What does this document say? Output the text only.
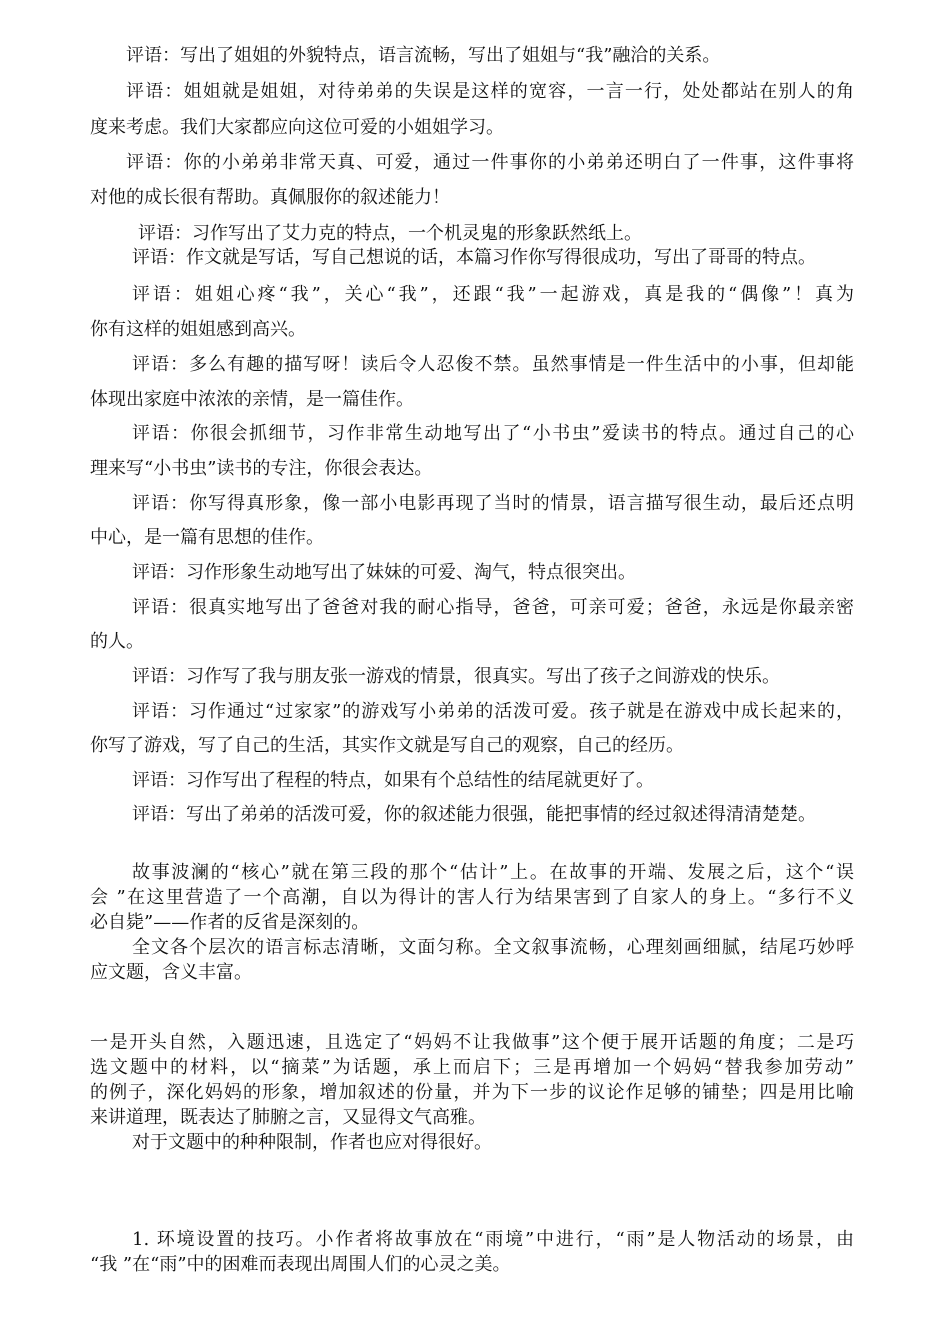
评语：写出了姐姐的外貌特点，语言流畅，写出了姐姐与“我”融洽的关系。
评语：姐姐就是姐姐，对待弟弟的失误是这样的宽容，一言一行，处处都站在别人的角
度来考虑。我们大家都应向这位可爱的小姐姐学习。
评语：你的小弟弟非常天真、可爱，通过一件事你的小弟弟还明白了一件事，这件事将
对他的成长很有帮助。真佩服你的叙述能力！
评语：习作写出了艾力克的特点，一个机灵鬼的形象跃然纸上。
评语：作文就是写话，写自己想说的话，本篇习作你写得很成功，写出了哥哥的特点。
评语：姐姐心疼“我”，关心“我”，还跟“我”一起游戏，真是我的“偶像”！真为
你有这样的姐姐感到高兴。
评语：多么有趣的描写呀！读后令人忍俊不禁。虽然事情是一件生活中的小事，但却能
体现出家庭中浓浓的亲情，是一篇佳作。
评语：你很会抓细节，习作非常生动地写出了“小书虫”爱读书的特点。通过自己的心
理来写“小书虫”读书的专注，你很会表达。
评语：你写得真形象，像一部小电影再现了当时的情景，语言描写很生动，最后还点明
中心，是一篇有思想的佳作。
评语：习作形象生动地写出了妹妹的可爱、淘气，特点很突出。
评语：很真实地写出了爸爸对我的耐心指导，爸爸，可亲可爱；爸爸，永远是你最亲密
的人。
评语：习作写了我与朋友张一游戏的情景，很真实。写出了孩子之间游戏的快乐。
评语：习作通过“过家家”的游戏写小弟弟的活泼可爱。孩子就是在游戏中成长起来的，
你写了游戏，写了自己的生活，其实作文就是写自己的观察，自己的经历。
评语：习作写出了程程的特点，如果有个总结性的结尾就更好了。
评语：写出了弟弟的活泼可爱，你的叙述能力很强，能把事情的经过叙述得清清楚楚。
故事波澜的“核心”就在第三段的那个“估计”上。在故事的开端、发展之后，这个“误
会 ”在这里营造了一个高潮，自以为得计的害人行为结果害到了自家人的身上。“多行不义
必自毙”——作者的反省是深刻的。
全文各个层次的语言标志清晰，文面匀称。全文叙事流畅，心理刻画细腻，结尾巧妙呼
应文题，含义丰富。
一是开头自然，入题迅速，且选定了“妈妈不让我做事”这个便于展开话题的角度；二是巧
选文题中的材料，以“摘菜”为话题，承上而启下；三是再增加一个妈妈“替我参加劳动”
的例子，深化妈妈的形象，增加叙述的份量，并为下一步的议论作足够的铺垫；四是用比喻
来讲道理，既表达了肺腑之言，又显得文气高雅。
对于文题中的种种限制，作者也应对得很好。
1. 环境设置的技巧。小作者将故事放在“雨境”中进行，“雨”是人物活动的场景，由
“我 ”在“雨”中的困难而表现出周围人们的心灵之美。
